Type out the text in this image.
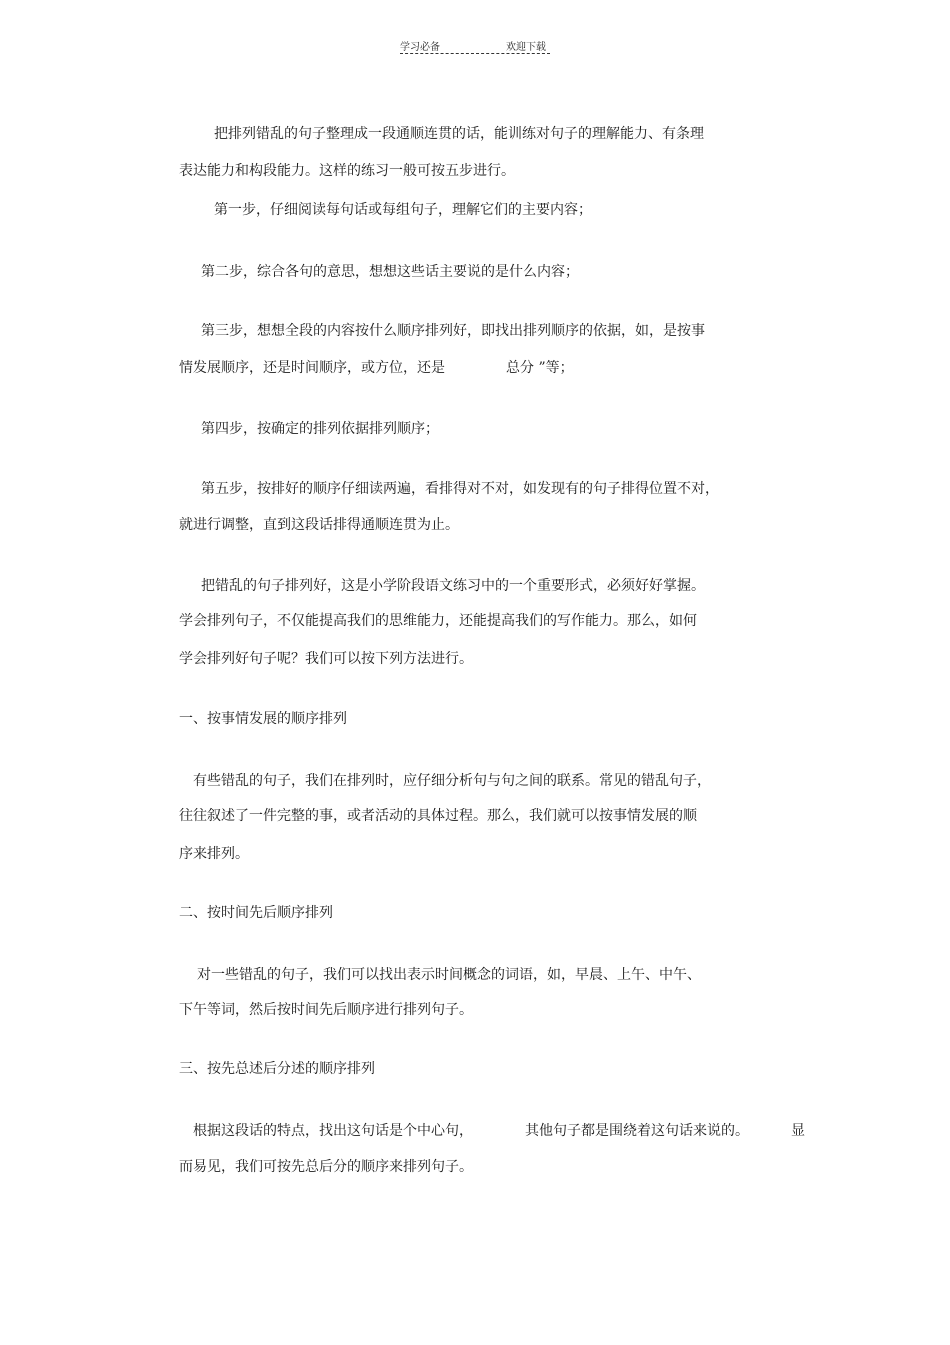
学习必备	欢迎下载
把排列错乱的句子整理成一段通顺连贯的话，能训练对句子的理解能力、有条理
表达能力和构段能力。这样的练习一般可按五步进行。
第一步，仔细阅读每句话或每组句子，理解它们的主要内容；
第二步，综合各句的意思，想想这些话主要说的是什么内容；
第三步，想想全段的内容按什么顺序排列好，即找出排列顺序的依据，如，是按事
情发展顺序，还是时间顺序，或方位，还是	总分 ”等；
第四步，按确定的排列依据排列顺序；
第五步，按排好的顺序仔细读两遍，看排得对不对，如发现有的句子排得位置不对，
就进行调整，直到这段话排得通顺连贯为止。
把错乱的句子排列好，这是小学阶段语文练习中的一个重要形式，必须好好掌握。
学会排列句子，不仅能提高我们的思维能力，还能提高我们的写作能力。那么，如何
学会排列好句子呢？我们可以按下列方法进行。
一、按事情发展的顺序排列
有些错乱的句子，我们在排列时，应仔细分析句与句之间的联系。常见的错乱句子，
往往叙述了一件完整的事，或者活动的具体过程。那么，我们就可以按事情发展的顺
序来排列。
二、按时间先后顺序排列
对一些错乱的句子，我们可以找出表示时间概念的词语，如，早晨、上午、中午、
下午等词，然后按时间先后顺序进行排列句子。
三、按先总述后分述的顺序排列
根据这段话的特点，找出这句话是个中心句，	其他句子都是围绕着这句话来说的。	显
而易见，我们可按先总后分的顺序来排列句子。
